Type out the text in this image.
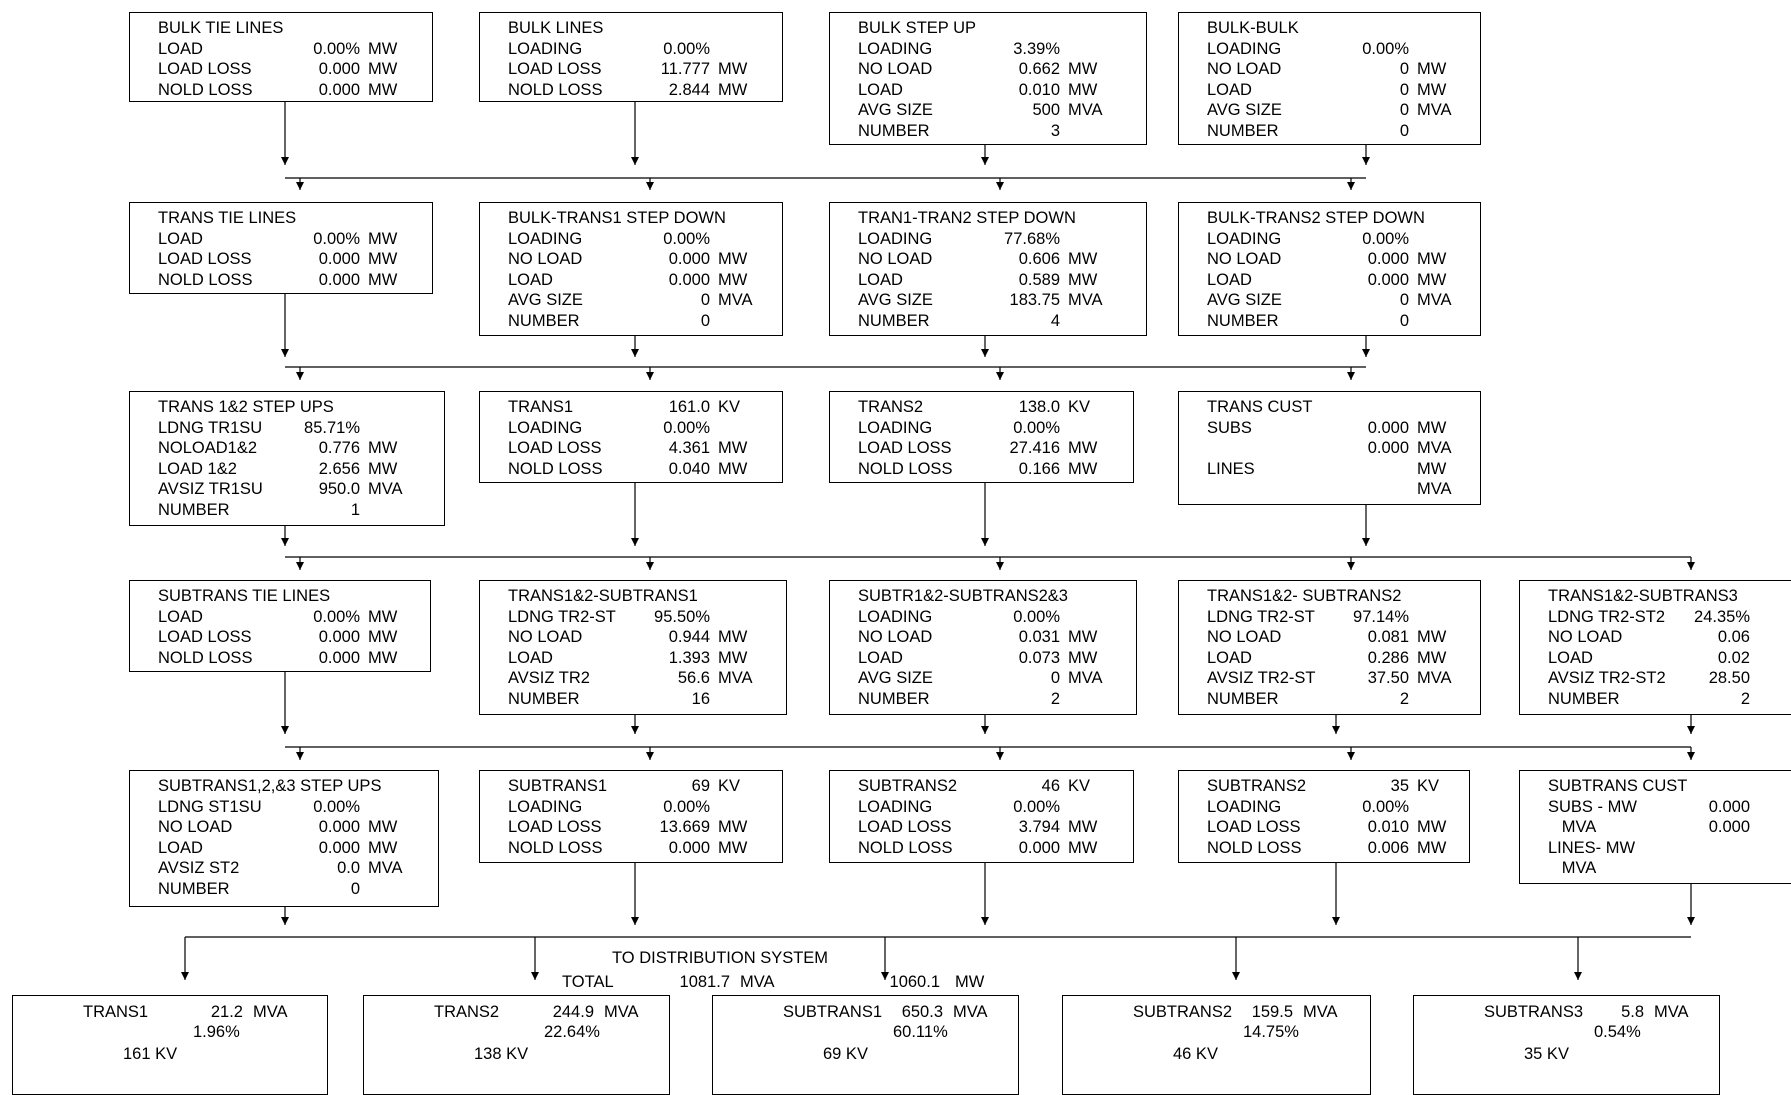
BULK TIE LINES
LOAD	0.00% MW
LOAD LOSS	0.000 MW
NOLD LOSS	0.000 MW
BULK LINES
LOADING	0.00%
LOAD LOSS	11.777 MW
NOLD LOSS	2.844 MW
BULK STEP UP
LOADING	3.39%
NO LOAD	0.662 MW
LOAD	0.010 MW
AVG SIZE	500 MVA
NUMBER	3
BULK-BULK
LOADING	0.00%
NO LOAD	0 MW
LOAD	0 MW
AVG SIZE	0 MVA
NUMBER	0
TRANS TIE LINES
LOAD	0.00% MW
LOAD LOSS	0.000 MW
NOLD LOSS	0.000 MW
BULK-TRANS1 STEP DOWN
LOADING	0.00%
NO LOAD	0.000 MW
LOAD	0.000 MW
AVG SIZE	0 MVA
NUMBER	0
TRAN1-TRAN2 STEP DOWN
LOADING	77.68%
NO LOAD	0.606 MW
LOAD	0.589 MW
AVG SIZE	183.75 MVA
NUMBER	4
BULK-TRANS2 STEP DOWN
LOADING	0.00%
NO LOAD	0.000 MW
LOAD	0.000 MW
AVG SIZE	0 MVA
NUMBER	0
TRANS 1&2 STEP UPS
LDNG TR1SU	85.71%
NOLOAD1&2	0.776 MW
LOAD 1&2	2.656 MW
AVSIZ TR1SU	950.0 MVA
NUMBER	1
TRANS1	161.0 KV
LOADING	0.00%
LOAD LOSS	4.361 MW
NOLD LOSS	0.040 MW
TRANS2	138.0 KV
LOADING	0.00%
LOAD LOSS	27.416 MW
NOLD LOSS	0.166 MW
TRANS CUST
SUBS	0.000 MW
0.000 MVA
LINES	MW
MVA
SUBTRANS TIE LINES
LOAD	0.00% MW
LOAD LOSS	0.000 MW
NOLD LOSS	0.000 MW
TRANS1&2-SUBTRANS1
LDNG TR2-ST	95.50%
NO LOAD	0.944 MW
LOAD	1.393 MW
AVSIZ TR2	56.6 MVA
NUMBER	16
SUBTR1&2-SUBTRANS2&3
LOADING	0.00%
NO LOAD	0.031 MW
LOAD	0.073 MW
AVG SIZE	0 MVA
NUMBER	2
TRANS1&2- SUBTRANS2
LDNG TR2-ST	97.14%
NO LOAD	0.081 MW
LOAD	0.286 MW
AVSIZ TR2-ST	37.50 MVA
NUMBER	2
TRANS1&2-SUBTRANS3
LDNG TR2-ST2	24.35%
NO LOAD	0.06
LOAD	0.02
AVSIZ TR2-ST2	28.50
NUMBER	2
SUBTRANS1,2,&3 STEP UPS
LDNG ST1SU	0.00%
NO LOAD	0.000 MW
LOAD	0.000 MW
AVSIZ ST2	0.0 MVA
NUMBER	0
SUBTRANS1	69 KV
LOADING	0.00%
LOAD LOSS	13.669 MW
NOLD LOSS	0.000 MW
SUBTRANS2	46 KV
LOADING	0.00%
LOAD LOSS	3.794 MW
NOLD LOSS	0.000 MW
SUBTRANS2	35 KV
LOADING	0.00%
LOAD LOSS	0.010 MW
NOLD LOSS	0.006 MW
SUBTRANS CUST
SUBS - MW	0.000
MVA	0.000
LINES- MW
MVA
TO DISTRIBUTION SYSTEM
TOTAL	1081.7 MVA	1060.1 MW
TRANS1	21.2 MVA
1.96%
161 KV
TRANS2	244.9 MVA
22.64%
138 KV
SUBTRANS1	650.3 MVA
60.11%
69 KV
SUBTRANS2	159.5 MVA
14.75%
46 KV
SUBTRANS3	5.8 MVA
0.54%
35 KV
